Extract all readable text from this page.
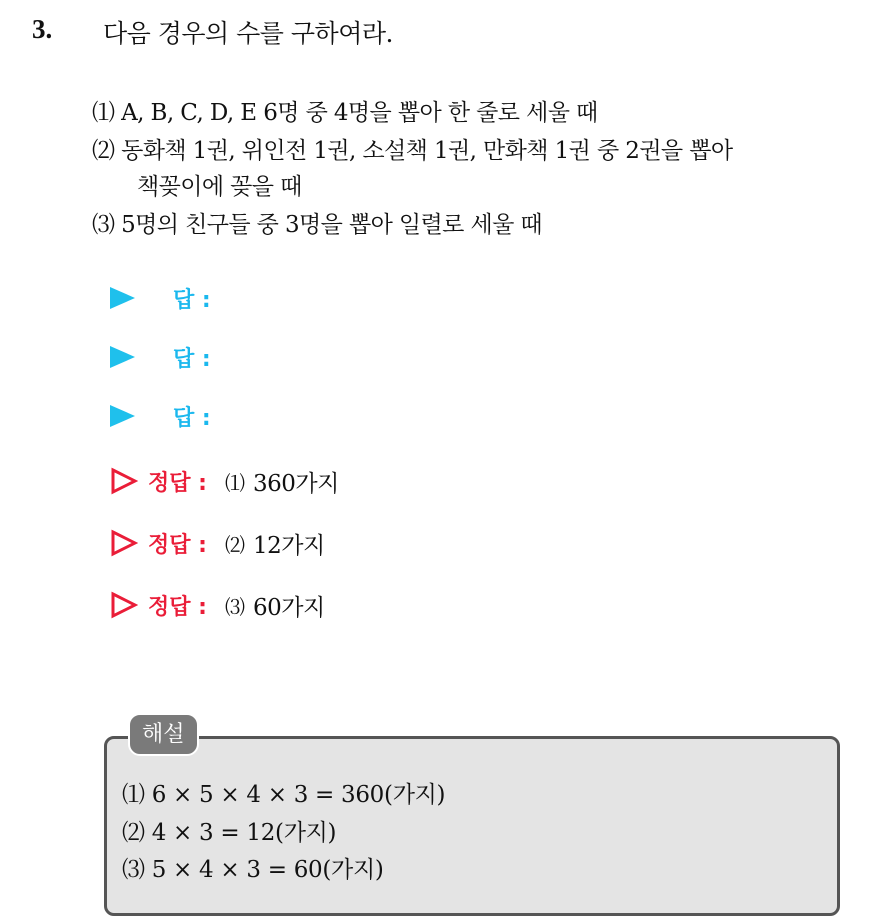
3. 다음 경우의 수를 구하여라.
⑴ A, B, C, D, E 6명 중 4명을 뽑아 한 줄로 세울 때
⑵ 동화책 1권, 위인전 1권, 소설책 1권, 만화책 1권 중 2권을 뽑아
책꽂이에 꽂을 때
⑶ 5명의 친구들 중 3명을 뽑아 일렬로 세울 때
답 :
답 :
답 :
정답 : ⑴ 360가지
정답 : ⑵ 12가지
정답 : ⑶ 60가지
해설
⑴ 6 × 5 × 4 × 3 = 360(가지)
⑵ 4 × 3 = 12(가지)
⑶ 5 × 4 × 3 = 60(가지)
